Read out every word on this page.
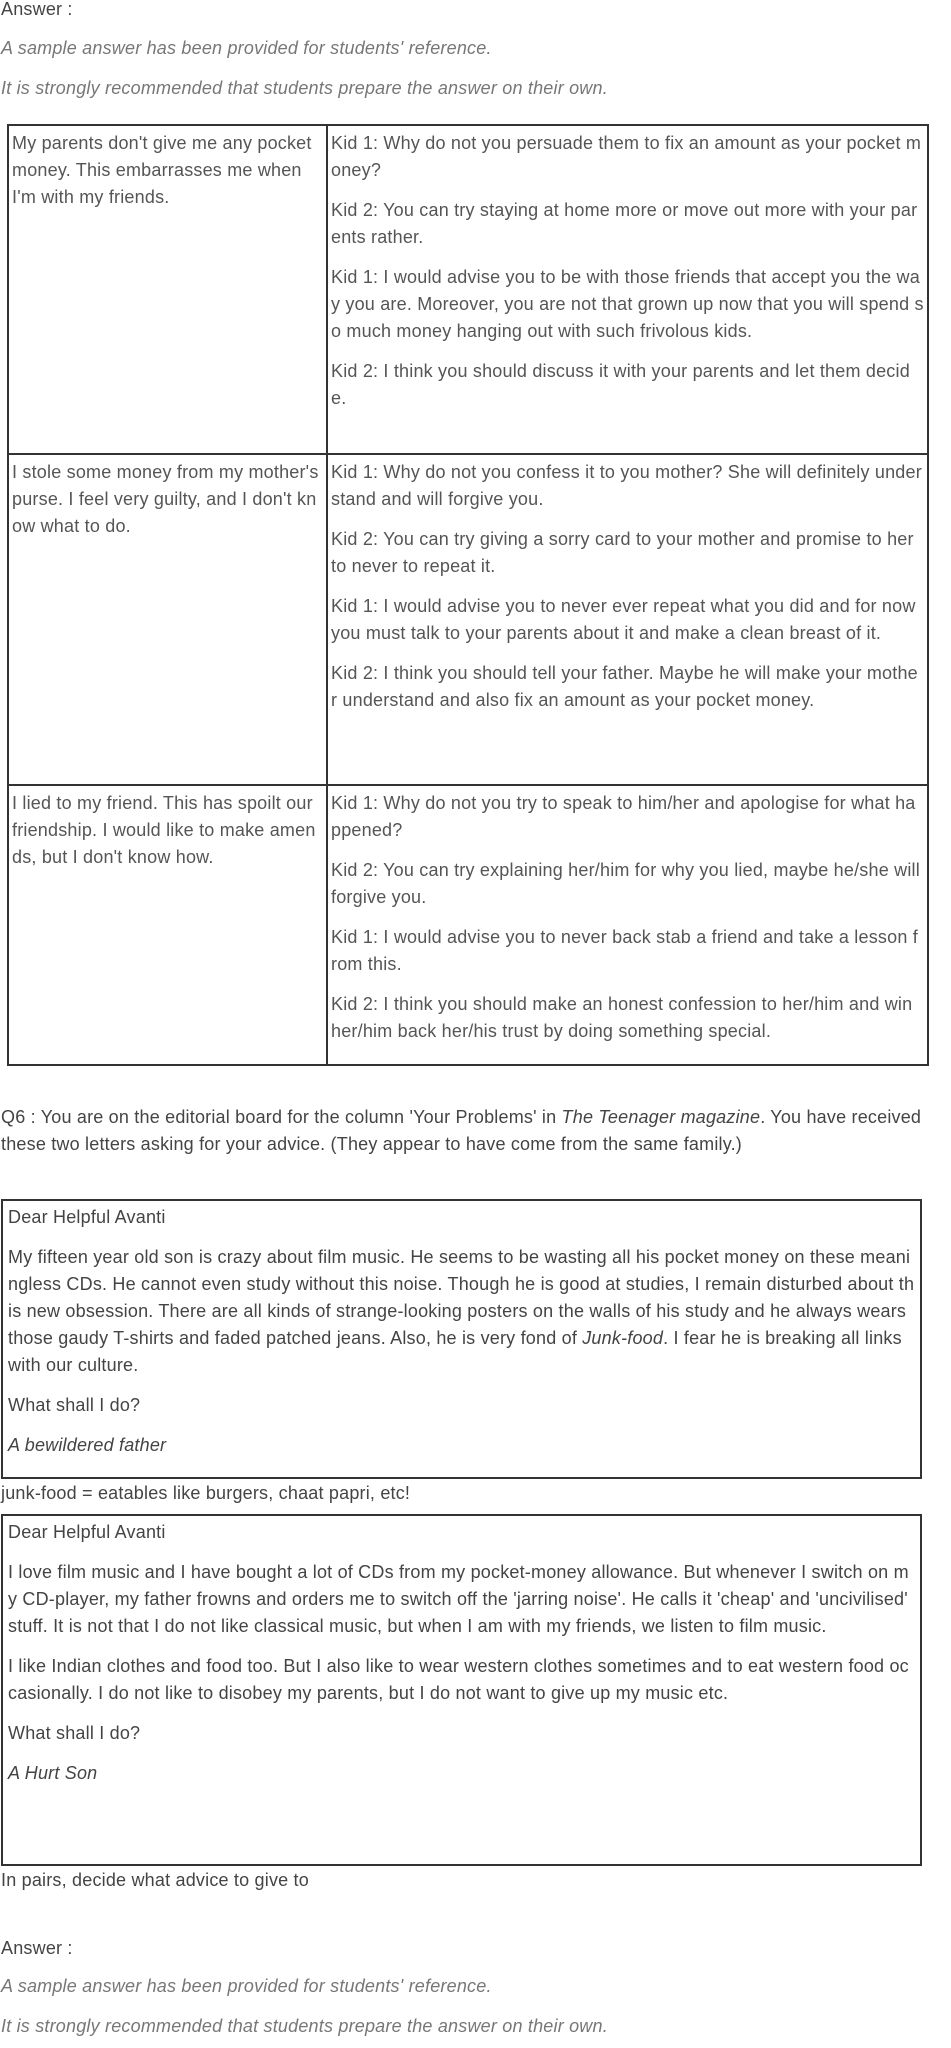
Answer :
A sample answer has been provided for students' reference.
It is strongly recommended that students prepare the answer on their own.
My parents don't give me any pocket money. This embarrasses me when I'm with my friends.	Kid 1: Why do not you persuade them to fix an amount as your pocket money?

Kid 2: You can try staying at home more or move out more with your parents rather.

Kid 1: I would advise you to be with those friends that accept you the way you are. Moreover, you are not that grown up now that you will spend so much money hanging out with such frivolous kids.

Kid 2: I think you should discuss it with your parents and let them decide.

I stole some money from my mother's purse. I feel very guilty, and I don't know what to do.	Kid 1: Why do not you confess it to you mother? She will definitely understand and will forgive you.

Kid 2: You can try giving a sorry card to your mother and promise to her to never to repeat it.

Kid 1: I would advise you to never ever repeat what you did and for now you must talk to your parents about it and make a clean breast of it.

Kid 2: I think you should tell your father. Maybe he will make your mother understand and also fix an amount as your pocket money.

I lied to my friend. This has spoilt our friendship. I would like to make amends, but I don't know how.	Kid 1: Why do not you try to speak to him/her and apologise for what happened?

Kid 2: You can try explaining her/him for why you lied, maybe he/she will forgive you.

Kid 1: I would advise you to never back stab a friend and take a lesson from this.

Kid 2: I think you should make an honest confession to her/him and win her/him back her/his trust by doing something special.

Q6 : You are on the editorial board for the column 'Your Problems' in The Teenager magazine. You have received these two letters asking for your advice. (They appear to have come from the same family.)

Dear Helpful Avanti

My fifteen year old son is crazy about film music. He seems to be wasting all his pocket money on these meaningless CDs. He cannot even study without this noise. Though he is good at studies, I remain disturbed about this new obsession. There are all kinds of strange-looking posters on the walls of his study and he always wears those gaudy T-shirts and faded patched jeans. Also, he is very fond of Junk-food. I fear he is breaking all links with our culture.

What shall I do?

A bewildered father

junk-food = eatables like burgers, chaat papri, etc!

Dear Helpful Avanti

I love film music and I have bought a lot of CDs from my pocket-money allowance. But whenever I switch on my CD-player, my father frowns and orders me to switch off the 'jarring noise'. He calls it 'cheap' and 'uncivilised' stuff. It is not that I do not like classical music, but when I am with my friends, we listen to film music.

I like Indian clothes and food too. But I also like to wear western clothes sometimes and to eat western food occasionally. I do not like to disobey my parents, but I do not want to give up my music etc.

What shall I do?

A Hurt Son

In pairs, decide what advice to give to
Answer :
A sample answer has been provided for students' reference.
It is strongly recommended that students prepare the answer on their own.
